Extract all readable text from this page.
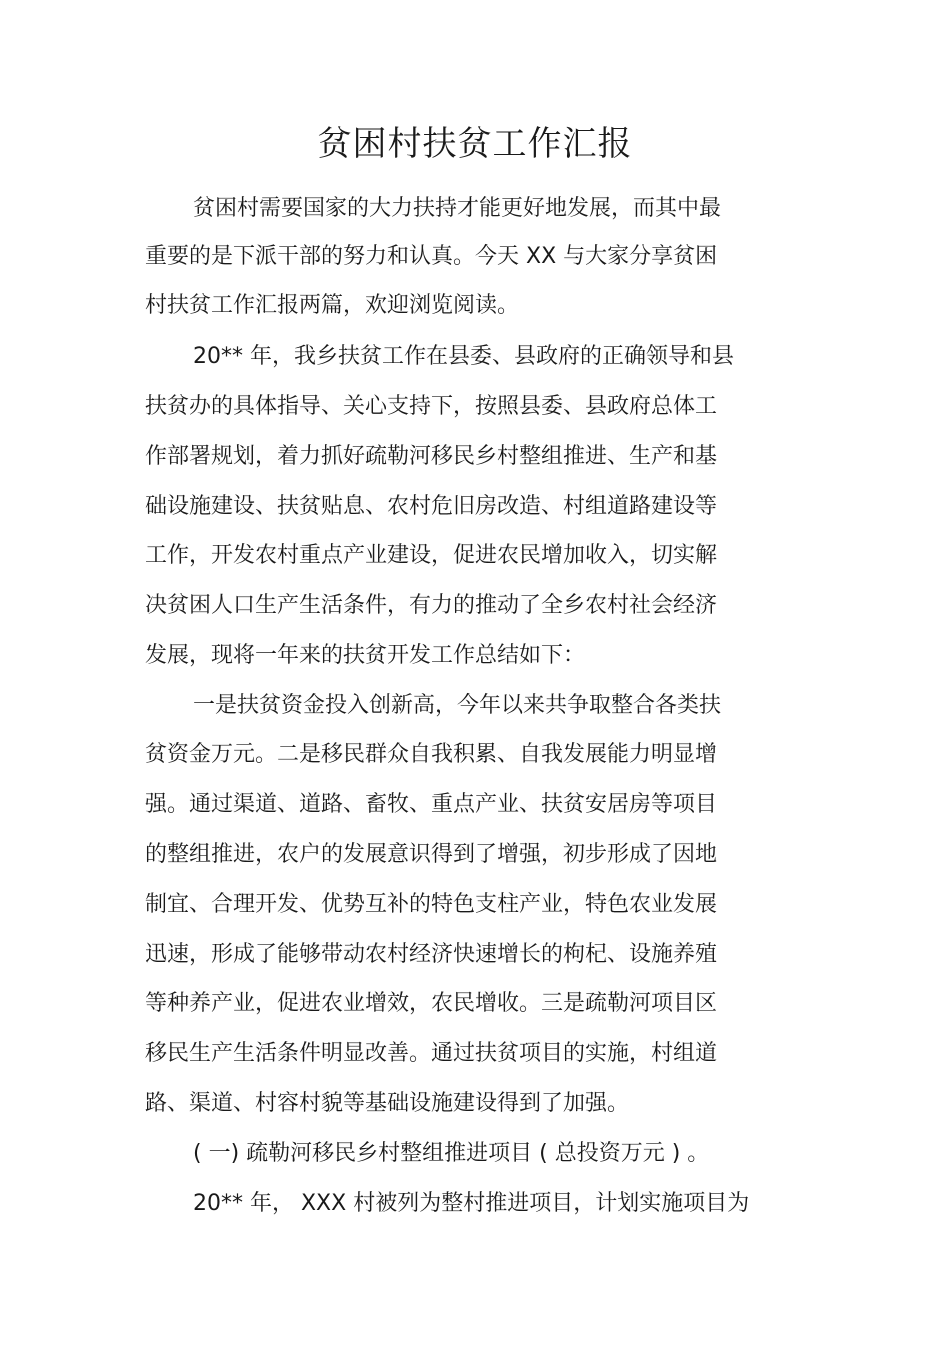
贫困村扶贫工作汇报
贫困村需要国家的大力扶持才能更好地发展，而其中最
重要的是下派干部的努力和认真。今天 XX 与大家分享贫困
村扶贫工作汇报两篇，欢迎浏览阅读。
20** 年，我乡扶贫工作在县委、县政府的正确领导和县
扶贫办的具体指导、关心支持下，按照县委、县政府总体工
作部署规划，着力抓好疏勒河移民乡村整组推进、生产和基
础设施建设、扶贫贴息、农村危旧房改造、村组道路建设等
工作，开发农村重点产业建设，促进农民增加收入，切实解
决贫困人口生产生活条件，有力的推动了全乡农村社会经济
发展，现将一年来的扶贫开发工作总结如下：
一是扶贫资金投入创新高，今年以来共争取整合各类扶
贫资金万元。二是移民群众自我积累、自我发展能力明显增
强。通过渠道、道路、畜牧、重点产业、扶贫安居房等项目
的整组推进，农户的发展意识得到了增强，初步形成了因地
制宜、合理开发、优势互补的特色支柱产业，特色农业发展
迅速，形成了能够带动农村经济快速增长的枸杞、设施养殖
等种养产业，促进农业增效，农民增收。三是疏勒河项目区
移民生产生活条件明显改善。通过扶贫项目的实施，村组道
路、渠道、村容村貌等基础设施建设得到了加强。
( 一) 疏勒河移民乡村整组推进项目 ( 总投资万元 ) 。
20** 年， XXX 村被列为整村推进项目，计划实施项目为
